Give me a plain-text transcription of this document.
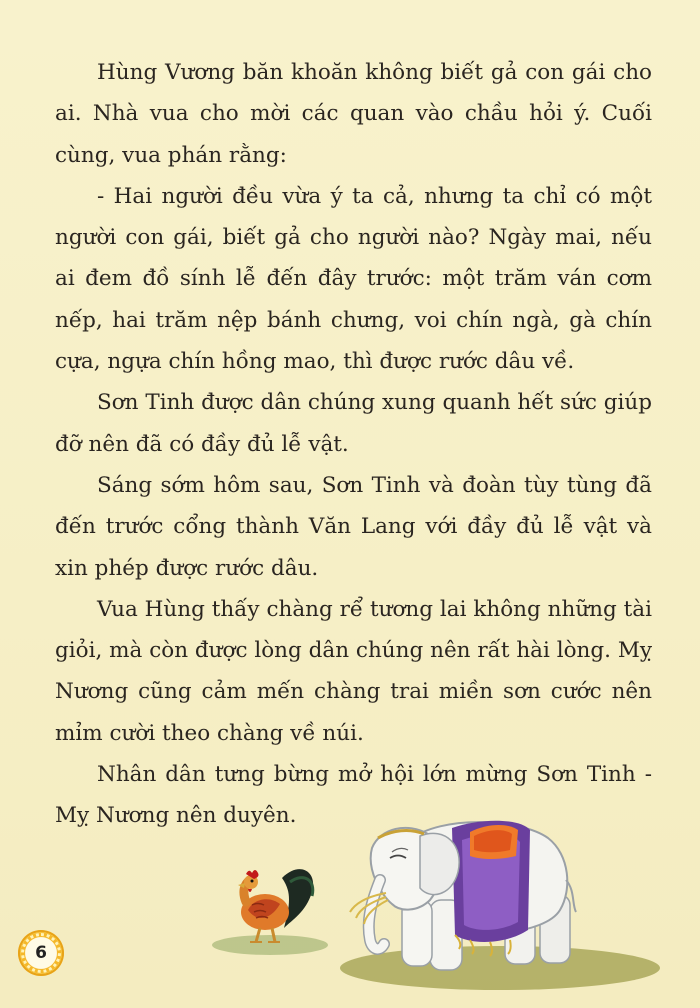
Hùng Vương băn khoăn không biết gả con gái cho ai. Nhà vua cho mời các quan vào chầu hỏi ý. Cuối cùng, vua phán rằng:

- Hai người đều vừa ý ta cả, nhưng ta chỉ có một người con gái, biết gả cho người nào? Ngày mai, nếu ai đem đồ sính lễ đến đây trước: một trăm ván cơm nếp, hai trăm nệp bánh chưng, voi chín ngà, gà chín cựa, ngựa chín hồng mao, thì được rước dâu về.

Sơn Tinh được dân chúng xung quanh hết sức giúp đỡ nên đã có đầy đủ lễ vật.

Sáng sớm hôm sau, Sơn Tinh và đoàn tùy tùng đã đến trước cổng thành Văn Lang với đầy đủ lễ vật và xin phép được rước dâu.

Vua Hùng thấy chàng rể tương lai không những tài giỏi, mà còn được lòng dân chúng nên rất hài lòng. Mỵ Nương cũng cảm mến chàng trai miền sơn cước nên mỉm cười theo chàng về núi.

Nhân dân tưng bừng mở hội lớn mừng Sơn Tinh - Mỵ Nương nên duyên.

6
